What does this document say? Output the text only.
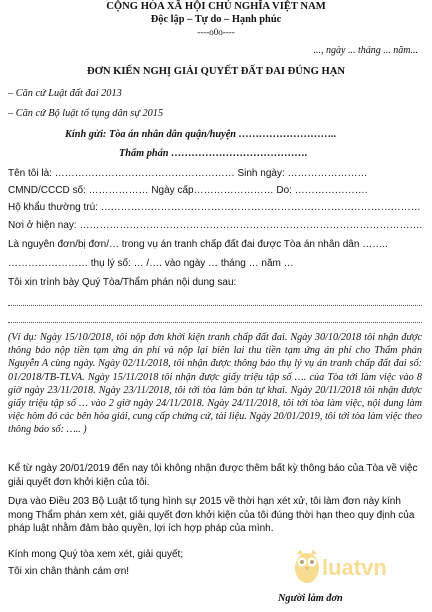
CỘNG HÒA XÃ HỘI CHỦ NGHĨA VIỆT NAM
Độc lập – Tự do – Hạnh phúc
----o0o----
..., ngày ... tháng ... năm...
ĐƠN KIẾN NGHỊ GIẢI QUYẾT ĐẤT ĐAI ĐÚNG HẠN
– Căn cứ Luật đất đai 2013
– Căn cứ Bộ luật tố tụng dân sự 2015
Kính gửi: Tòa án nhân dân quận/huyện ………………………..
Thẩm phán ………………………………….
Tên tôi là: ……………………………………………… Sinh ngày: ……………………
CMND/CCCD số: ……………… Ngày cấp…………………… Do: ………………….
Hộ khẩu thường trú: ……………………………………………………………………………………
Nơi ở hiện nay: ………………………………………………………………………………………….
Là nguyên đơn/bị đơn/… trong vụ án tranh chấp đất đai được Tòa án nhân dân ……..
…………………… thụ lý số: … /…. vào ngày … tháng … năm …
Tôi xin trình bày Quý Tòa/Thẩm phán nội dung sau:
(Ví dụ: Ngày 15/10/2018, tôi nộp đơn khởi kiện tranh chấp đất đai. Ngày 30/10/2018 tôi nhận được thông báo nộp tiền tạm ứng án phí và nộp lại biên lai thu tiền tạm ứng án phí cho Thẩm phán Nguyễn A cùng ngày. Ngày 02/11/2018, tôi nhận được thông báo thụ lý vụ án tranh chấp đất đai số: 01/2018/TB-TLVA. Ngày 15/11/2018 tôi nhận được giấy triệu tập số …. của Tòa tới làm việc vào 8 giờ ngày 23/11/2018. Ngày 23/11/2018, tôi tới tòa làm bản tự khai. Ngày 20/11/2018 tôi nhận được giấy triệu tập số … vào 2 giờ ngày 24/11/2018. Ngày 24/11/2018, tôi tới tòa làm việc, nội dung làm việc hôm đó các bên hòa giải, cung cấp chứng cứ, tài liệu. Ngày 20/01/2019, tôi tới tòa làm việc theo thông báo số: ….. )
Kể từ ngày 20/01/2019 đến nay tôi không nhận được thêm bất kỳ thông báo của Tòa về việc giải quyết đơn khởi kiện của tôi.
Dựa vào Điều 203 Bộ Luật tố tụng hình sự 2015 về thời hạn xét xử, tôi làm đơn này kính mong Thẩm phán xem xét, giải quyết đơn khởi kiện của tôi đúng thời hạn theo quy định của pháp luật nhằm đảm bảo quyền, lợi ích hợp pháp của mình.
Kính mong Quý tòa xem xét, giải quyết;
Tôi xin chân thành cám ơn!
Người làm đơn
luatvn
